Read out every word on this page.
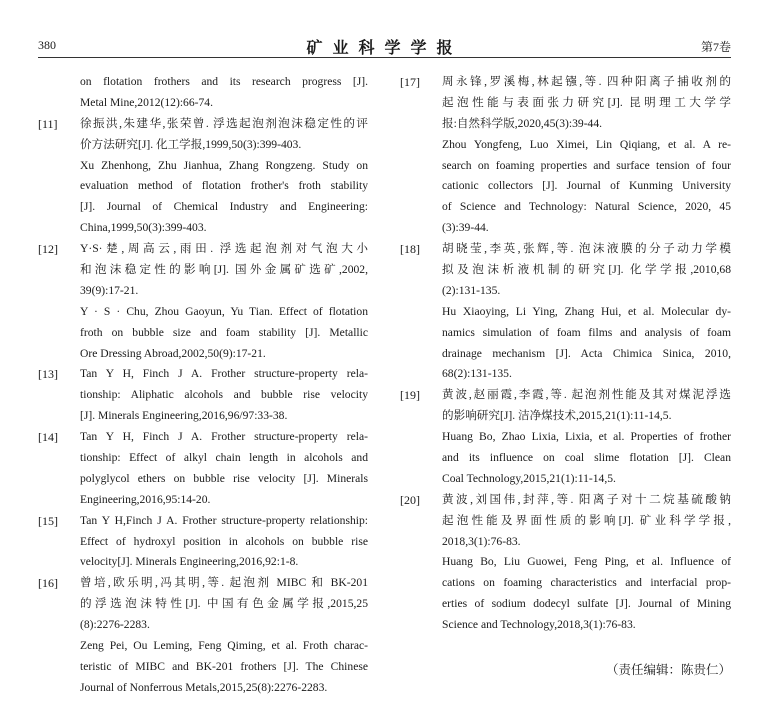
380	矿业科学学报	第7卷
on flotation frothers and its research progress [J].
Metal Mine,2012(12):66-74.
[11] 徐振洪,朱建华,张荣曾. 浮选起泡剂泡沫稳定性的评
价方法研究[J]. 化工学报,1999,50(3):399-403.
Xu Zhenhong, Zhu Jianhua, Zhang Rongzeng. Study on
evaluation method of flotation frother's froth stability
[J]. Journal of Chemical Industry and Engineering:
China,1999,50(3):399-403.
[12] Y·S·楚,周高云,雨田. 浮选起泡剂对气泡大小
和泡沫稳定性的影响[J]. 国外金属矿选矿,2002,
39(9):17-21.
Y · S · Chu, Zhou Gaoyun, Yu Tian. Effect of flotation
froth on bubble size and foam stability [J]. Metallic
Ore Dressing Abroad,2002,50(9):17-21.
[13] Tan Y H, Finch J A. Frother structure-property rela-
tionship: Aliphatic alcohols and bubble rise velocity
[J]. Minerals Engineering,2016,96/97:33-38.
[14] Tan Y H, Finch J A. Frother structure-property rela-
tionship: Effect of alkyl chain length in alcohols and
polyglycol ethers on bubble rise velocity [J]. Minerals
Engineering,2016,95:14-20.
[15] Tan Y H,Finch J A. Frother structure-property relationship:
Effect of hydroxyl position in alcohols on bubble rise
velocity[J]. Minerals Engineering,2016,92:1-8.
[16] 曾培,欧乐明,冯其明,等. 起泡剂 MIBC 和 BK-201
的浮选泡沫特性[J]. 中国有色金属学报,2015,25
(8):2276-2283.
Zeng Pei, Ou Leming, Feng Qiming, et al. Froth charac-
teristic of MIBC and BK-201 frothers [J]. The Chinese
Journal of Nonferrous Metals,2015,25(8):2276-2283.
[17] 周永锋,罗溪梅,林起镪,等. 四种阳离子捕收剂的
起泡性能与表面张力研究[J]. 昆明理工大学学
报:自然科学版,2020,45(3):39-44.
Zhou Yongfeng, Luo Ximei, Lin Qiqiang, et al. A re-
search on foaming properties and surface tension of four
cationic collectors [J]. Journal of Kunming University
of Science and Technology: Natural Science, 2020, 45
(3):39-44.
[18] 胡晓莹,李英,张辉,等. 泡沫液膜的分子动力学模
拟及泡沫析液机制的研究[J]. 化学学报,2010,68
(2):131-135.
Hu Xiaoying, Li Ying, Zhang Hui, et al. Molecular dy-
namics simulation of foam films and analysis of foam
drainage mechanism [J]. Acta Chimica Sinica, 2010,
68(2):131-135.
[19] 黄波,赵丽霞,李霞,等. 起泡剂性能及其对煤泥浮选
的影响研究[J]. 洁净煤技术,2015,21(1):11-14,5.
Huang Bo, Zhao Lixia, Lixia, et al. Properties of frother
and its influence on coal slime flotation [J]. Clean
Coal Technology,2015,21(1):11-14,5.
[20] 黄波,刘国伟,封萍,等. 阳离子对十二烷基硫酸钠
起泡性能及界面性质的影响[J]. 矿业科学学报,
2018,3(1):76-83.
Huang Bo, Liu Guowei, Feng Ping, et al. Influence of
cations on foaming characteristics and interfacial prop-
erties of sodium dodecyl sulfate [J]. Journal of Mining
Science and Technology,2018,3(1):76-83.
（责任编辑：陈贵仁）
